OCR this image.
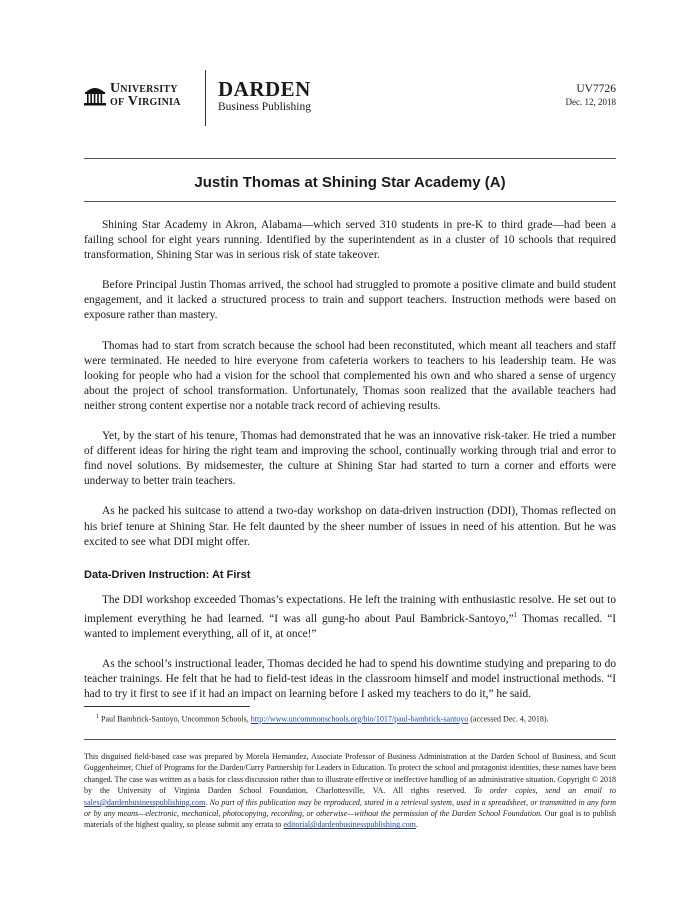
University
of Virginia
DARDEN
Business Publishing
UV7726
Dec. 12, 2018
Justin Thomas at Shining Star Academy (A)

Shining Star Academy in Akron, Alabama—which served 310 students in pre-K to third grade—had been a failing school for eight years running. Identified by the superintendent as in a cluster of 10 schools that required transformation, Shining Star was in serious risk of state takeover.

Before Principal Justin Thomas arrived, the school had struggled to promote a positive climate and build student engagement, and it lacked a structured process to train and support teachers. Instruction methods were based on exposure rather than mastery.

Thomas had to start from scratch because the school had been reconstituted, which meant all teachers and staff were terminated. He needed to hire everyone from cafeteria workers to teachers to his leadership team. He was looking for people who had a vision for the school that complemented his own and who shared a sense of urgency about the project of school transformation. Unfortunately, Thomas soon realized that the available teachers had neither strong content expertise nor a notable track record of achieving results.

Yet, by the start of his tenure, Thomas had demonstrated that he was an innovative risk-taker. He tried a number of different ideas for hiring the right team and improving the school, continually working through trial and error to find novel solutions. By midsemester, the culture at Shining Star had started to turn a corner and efforts were underway to better train teachers.

As he packed his suitcase to attend a two-day workshop on data-driven instruction (DDI), Thomas reflected on his brief tenure at Shining Star. He felt daunted by the sheer number of issues in need of his attention. But he was excited to see what DDI might offer.

Data-Driven Instruction: At First

The DDI workshop exceeded Thomas’s expectations. He left the training with enthusiastic resolve. He set out to implement everything he had learned. “I was all gung-ho about Paul Bambrick-Santoyo,”$^1$ Thomas recalled. “I wanted to implement everything, all of it, at once!”

As the school’s instructional leader, Thomas decided he had to spend his downtime studying and preparing to do teacher trainings. He felt that he had to field-test ideas in the classroom himself and model instructional methods. “I had to try it first to see if it had an impact on learning before I asked my teachers to do it,” he said.

$^1$ Paul Bambrick-Santoyo, Uncommon Schools, http://www.uncommonschools.org/bio/1017/paul-bambrick-santoyo (accessed Dec. 4, 2018).
This disguised field-based case was prepared by Morela Hernandez, Associate Professor of Business Administration at the Darden School of Business, and Scott Guggenheimer, Chief of Programs for the Darden/Curry Partnership for Leaders in Education. To protect the school and protagonist identities, these names have been changed. The case was written as a basis for class discussion rather than to illustrate effective or ineffective handling of an administrative situation. Copyright © 2018 by the University of Virginia Darden School Foundation, Charlottesville, VA. All rights reserved. To order copies, send an email to sales@dardenbusinesspublishing.com. No part of this publication may be reproduced, stored in a retrieval system, used in a spreadsheet, or transmitted in any form or by any means—electronic, mechanical, photocopying, recording, or otherwise—without the permission of the Darden School Foundation. Our goal is to publish materials of the highest quality, so please submit any errata to editorial@dardenbusinesspublishing.com.
